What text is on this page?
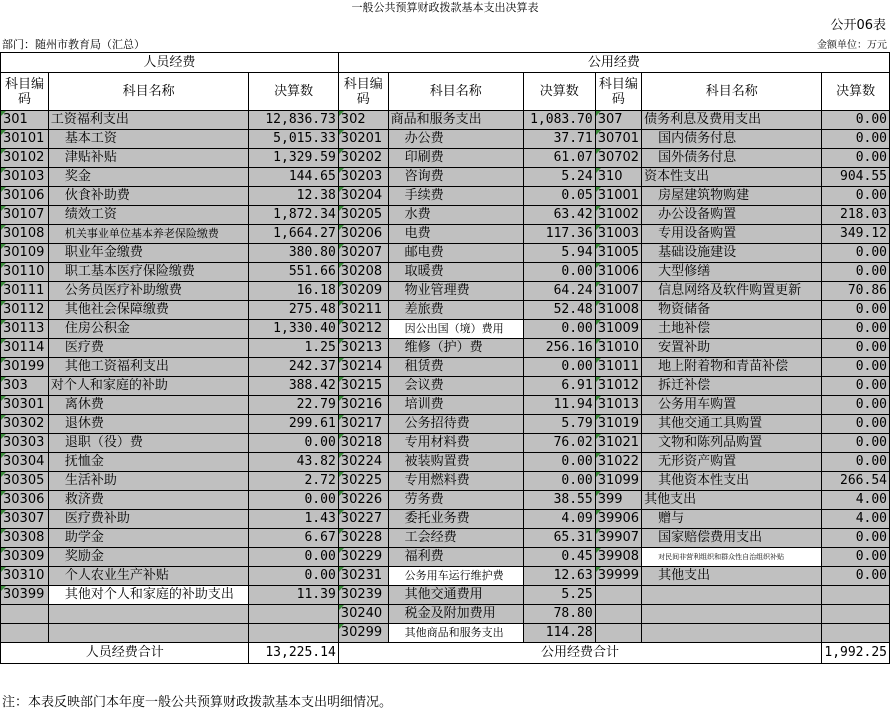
一般公共预算财政拨款基本支出决算表
公开06表
部门：随州市教育局（汇总）	金额单位：万元
人员经费			公用经费					
科目编码	科目名称	决算数	科目编码	科目名称	决算数	科目编码	科目名称	决算数
301	工资福利支出	12,836.73	302	商品和服务支出	1,083.70	307	债务利息及费用支出	0.00
30101	基本工资	5,015.33	30201	办公费	37.71	30701	国内债务付息	0.00
30102	津贴补贴	1,329.59	30202	印刷费	61.07	30702	国外债务付息	0.00
30103	奖金	144.65	30203	咨询费	5.24	310	资本性支出	904.55
30106	伙食补助费	12.38	30204	手续费	0.05	31001	房屋建筑物购建	0.00
30107	绩效工资	1,872.34	30205	水费	63.42	31002	办公设备购置	218.03
30108	机关事业单位基本养老保险缴费	1,664.27	30206	电费	117.36	31003	专用设备购置	349.12
30109	职业年金缴费	380.80	30207	邮电费	5.94	31005	基础设施建设	0.00
30110	职工基本医疗保险缴费	551.66	30208	取暖费	0.00	31006	大型修缮	0.00
30111	公务员医疗补助缴费	16.18	30209	物业管理费	64.24	31007	信息网络及软件购置更新	70.86
30112	其他社会保障缴费	275.48	30211	差旅费	52.48	31008	物资储备	0.00
30113	住房公积金	1,330.40	30212	因公出国（境）费用	0.00	31009	土地补偿	0.00
30114	医疗费	1.25	30213	维修（护）费	256.16	31010	安置补助	0.00
30199	其他工资福利支出	242.37	30214	租赁费	0.00	31011	地上附着物和青苗补偿	0.00
303	对个人和家庭的补助	388.42	30215	会议费	6.91	31012	拆迁补偿	0.00
30301	离休费	22.79	30216	培训费	11.94	31013	公务用车购置	0.00
30302	退休费	299.61	30217	公务招待费	5.79	31019	其他交通工具购置	0.00
30303	退职（役）费	0.00	30218	专用材料费	76.02	31021	文物和陈列品购置	0.00
30304	抚恤金	43.82	30224	被装购置费	0.00	31022	无形资产购置	0.00
30305	生活补助	2.72	30225	专用燃料费	0.00	31099	其他资本性支出	266.54
30306	救济费	0.00	30226	劳务费	38.55	399	其他支出	4.00
30307	医疗费补助	1.43	30227	委托业务费	4.09	39906	赠与	4.00
30308	助学金	6.67	30228	工会经费	65.31	39907	国家赔偿费用支出	0.00
30309	奖励金	0.00	30229	福利费	0.45	39908	对民间非营利组织和群众性自治组织补贴	0.00
30310	个人农业生产补贴	0.00	30231	公务用车运行维护费	12.63	39999	其他支出	0.00
30399	其他对个人和家庭的补助支出	11.39	30239	其他交通费用	5.25			
			30240	税金及附加费用	78.80			
			30299	其他商品和服务支出	114.28			
人员经费合计		13,225.14	公用经费合计					1,992.25
注：本表反映部门本年度一般公共预算财政拨款基本支出明细情况。
